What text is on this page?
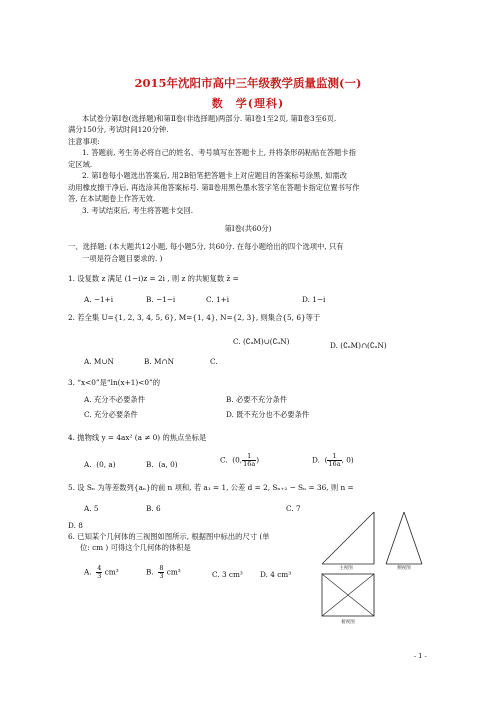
2015年沈阳市高中三年级教学质量监测(一)
数　学(理科)
本试卷分第Ⅰ卷(选择题)和第Ⅱ卷(非选择题)两部分. 第Ⅰ卷1至2页, 第Ⅱ卷3至6页.
满分150分, 考试时间120分钟.
注意事项:
1. 答题前, 考生务必将自己的姓名、考号填写在答题卡上, 并将条形码粘贴在答题卡指
定区域.
2. 第Ⅰ卷每小题选出答案后, 用2B铅笔把答题卡上对应题目的答案标号涂黑, 如需改
动用橡皮擦干净后, 再选涂其他答案标号. 第Ⅱ卷用黑色墨水签字笔在答题卡指定位置书写作
答, 在本试题卷上作答无效.
3. 考试结束后, 考生将答题卡交回.
第Ⅰ卷(共60分)
一、选择题: (本大题共12小题, 每小题5分, 共60分. 在每小题给出的四个选项中, 只有
一项是符合题目要求的. )
1. 设复数 z 满足 (1−i)z = 2i , 则 z 的共轭复数 z̄ =
A. −1+i	B. −1−i	C. 1+i	D. 1−i
2. 若全集 U={1, 2, 3, 4, 5, 6}, M={1, 4}, N={2, 3}, 则集合{5, 6}等于
C. (∁ᵤM)∪(∁ᵤN)	D. (∁ᵤM)∩(∁ᵤN)
A. M∪N	B. M∩N	C.
3. “x<0”是“ln(x+1)<0”的
A. 充分不必要条件	B. 必要不充分条件
C. 充分必要条件	D. 既不充分也不必要条件
4. 抛物线 y = 4ax² (a ≠ 0) 的焦点坐标是
A. (0, a)	B. (a, 0)	C. (0, $\frac{1}{16a}$ )	D. ( $\frac{1}{16a}$ , 0)
5. 设 Sₙ 为等差数列{aₙ}的前 n 项和, 若 a₁ = 1, 公差 d = 2, Sₙ₊₂ − Sₙ = 36, 则 n =
A. 5	B. 6	C. 7
D. 8
6. 已知某个几何体的三视图如图所示, 根据图中标出的尺寸 (单
位: cm ) 可得这个几何体的体积是
A. $\frac{4}{3} cm^3$	B. $\frac{8}{3} cm^3$	C. 3 cm³ D. 4 cm³
主视图	侧视图
俯视图
- 1 -
